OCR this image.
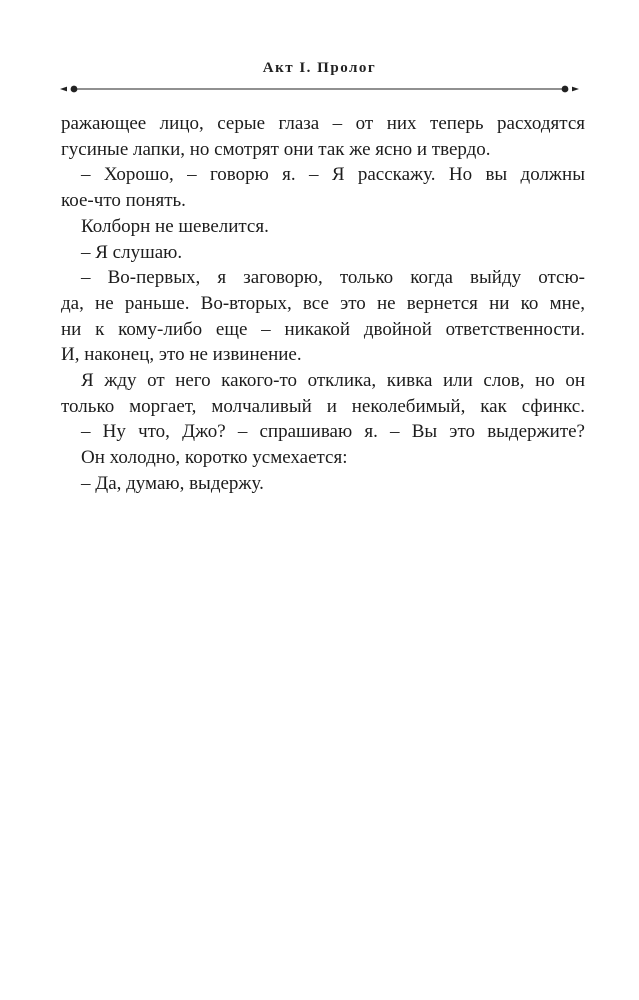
Акт I. Пролог
ражающее лицо, серые глаза – от них теперь расходятся
гусиные лапки, но смотрят они так же ясно и твердо.
– Хорошо, – говорю я. – Я расскажу. Но вы должны
кое-что понять.
Колборн не шевелится.
– Я слушаю.
– Во-первых, я заговорю, только когда выйду отсю-
да, не раньше. Во-вторых, все это не вернется ни ко мне,
ни к кому-либо еще – никакой двойной ответственности.
И, наконец, это не извинение.
Я жду от него какого-то отклика, кивка или слов, но он
только моргает, молчаливый и неколебимый, как сфинкс.
– Ну что, Джо? – спрашиваю я. – Вы это выдержите?
Он холодно, коротко усмехается:
– Да, думаю, выдержу.
